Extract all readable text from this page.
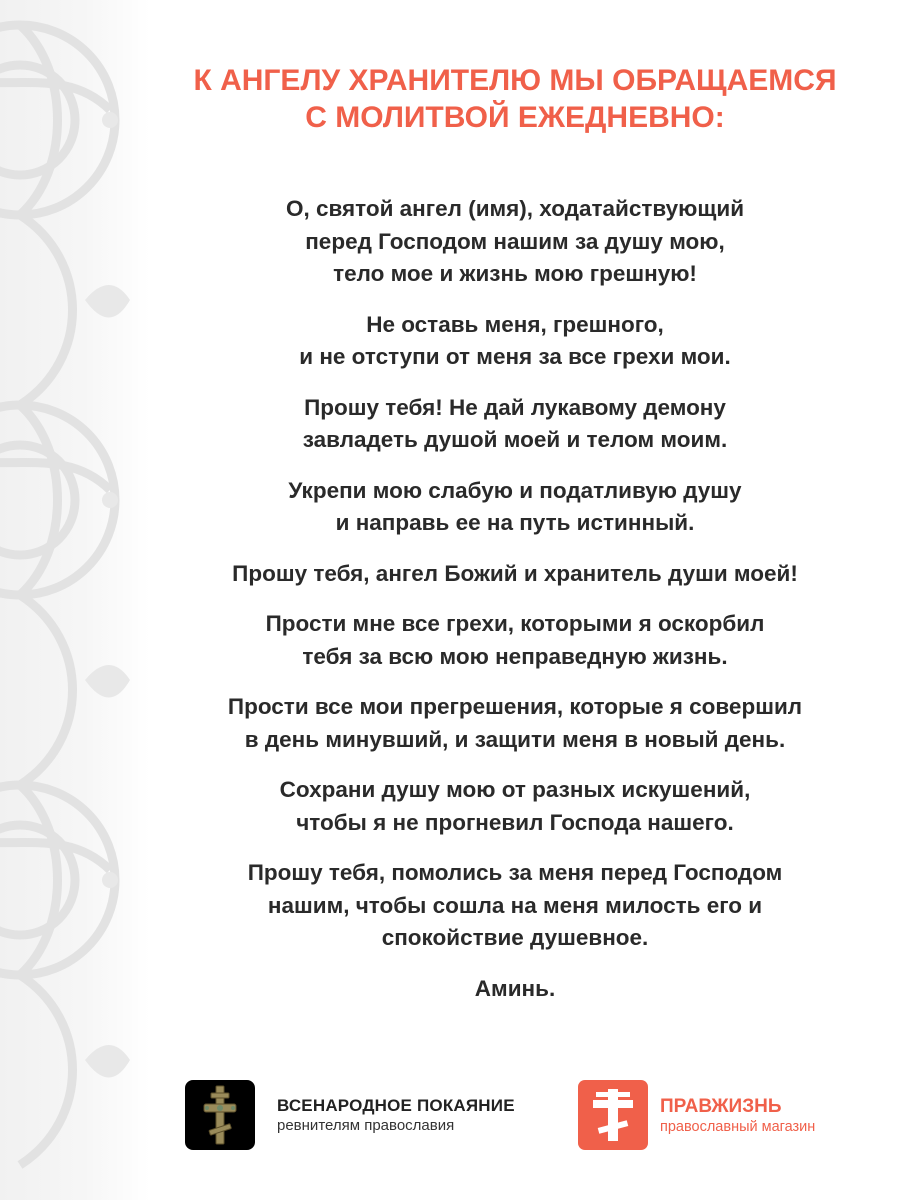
К АНГЕЛУ ХРАНИТЕЛЮ МЫ ОБРАЩАЕМСЯ
С МОЛИТВОЙ ЕЖЕДНЕВНО:

О, святой ангел (имя), ходатайствующий
перед Господом нашим за душу мою,
тело мое и жизнь мою грешную!

Не оставь меня, грешного,
и не отступи от меня за все грехи мои.

Прошу тебя! Не дай лукавому демону
завладеть душой моей и телом моим.

Укрепи мою слабую и податливую душу
и направь ее на путь истинный.

Прошу тебя, ангел Божий и хранитель души моей!

Прости мне все грехи, которыми я оскорбил
тебя за всю мою неправедную жизнь.

Прости все мои прегрешения, которые я совершил
в день минувший, и защити меня в новый день.

Сохрани душу мою от разных искушений,
чтобы я не прогневил Господа нашего.

Прошу тебя, помолись за меня перед Господом
нашим, чтобы сошла на меня милость его и
спокойствие душевное.

Аминь.

ВСЕНАРОДНОЕ ПОКАЯНИЕ
ревнителям православия
ПРАВЖИЗНЬ
православный магазин
